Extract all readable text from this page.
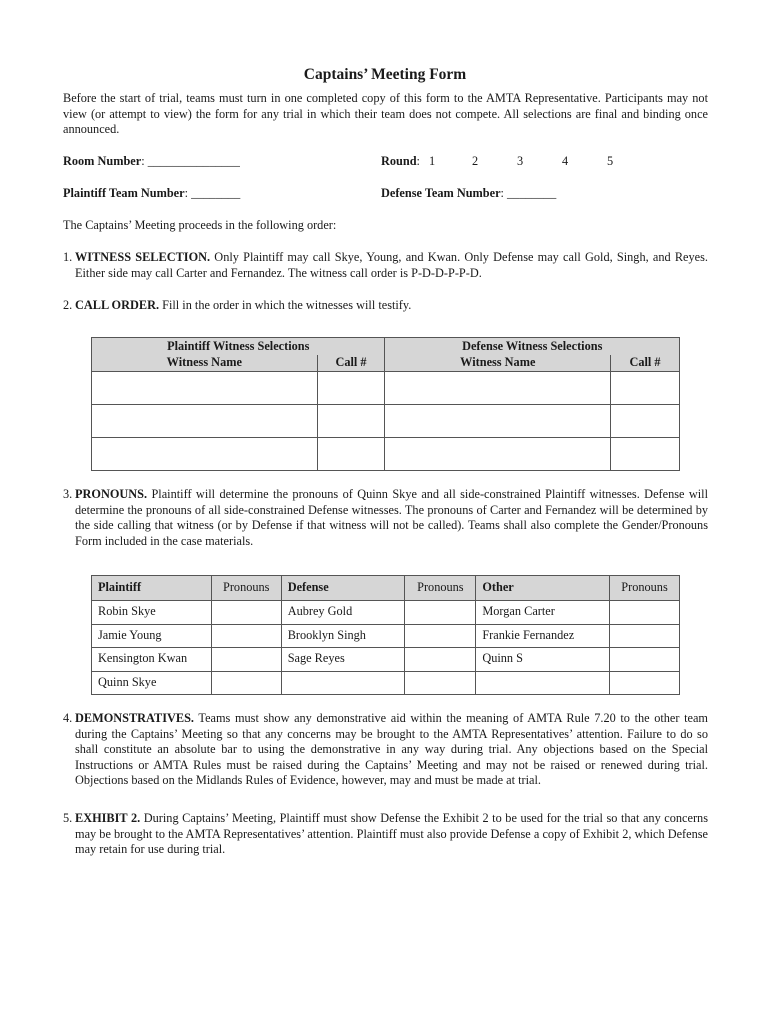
Captains’ Meeting Form

Before the start of trial, teams must turn in one completed copy of this form to the AMTA Representative. Participants may not view (or attempt to view) the form for any trial in which their team does not compete. All selections are final and binding once announced.

Room Number: _______________	Round: 1	2	3	4	5
Plaintiff Team Number: ________	Defense Team Number: ________

The Captains’ Meeting proceeds in the following order:

1. WITNESS SELECTION. Only Plaintiff may call Skye, Young, and Kwan. Only Defense may call Gold, Singh, and Reyes. Either side may call Carter and Fernandez. The witness call order is P-D-D-P-P-D.
2. CALL ORDER. Fill in the order in which the witnesses will testify.
Plaintiff Witness Selections		Defense Witness Selections	
Witness Name	Call #	Witness Name	Call #

3. PRONOUNS. Plaintiff will determine the pronouns of Quinn Skye and all side-constrained Plaintiff witnesses. Defense will determine the pronouns of all side-constrained Defense witnesses. The pronouns of Carter and Fernandez will be determined by the side calling that witness (or by Defense if that witness will not be called). Teams shall also complete the Gender/Pronouns Form included in the case materials.
Plaintiff	Pronouns	Defense	Pronouns	Other	Pronouns
Robin Skye		Aubrey Gold		Morgan Carter	
Jamie Young		Brooklyn Singh		Frankie Fernandez	
Kensington Kwan		Sage Reyes		Quinn S	
Quinn Skye					
4. DEMONSTRATIVES. Teams must show any demonstrative aid within the meaning of AMTA Rule 7.20 to the other team during the Captains’ Meeting so that any concerns may be brought to the AMTA Representatives’ attention. Failure to do so shall constitute an absolute bar to using the demonstrative in any way during trial. Any objections based on the Special Instructions or AMTA Rules must be raised during the Captains’ Meeting and may not be raised or renewed during trial. Objections based on the Midlands Rules of Evidence, however, may and must be made at trial.
5. EXHIBIT 2. During Captains’ Meeting, Plaintiff must show Defense the Exhibit 2 to be used for the trial so that any concerns may be brought to the AMTA Representatives’ attention. Plaintiff must also provide Defense a copy of Exhibit 2, which Defense may retain for use during trial.
